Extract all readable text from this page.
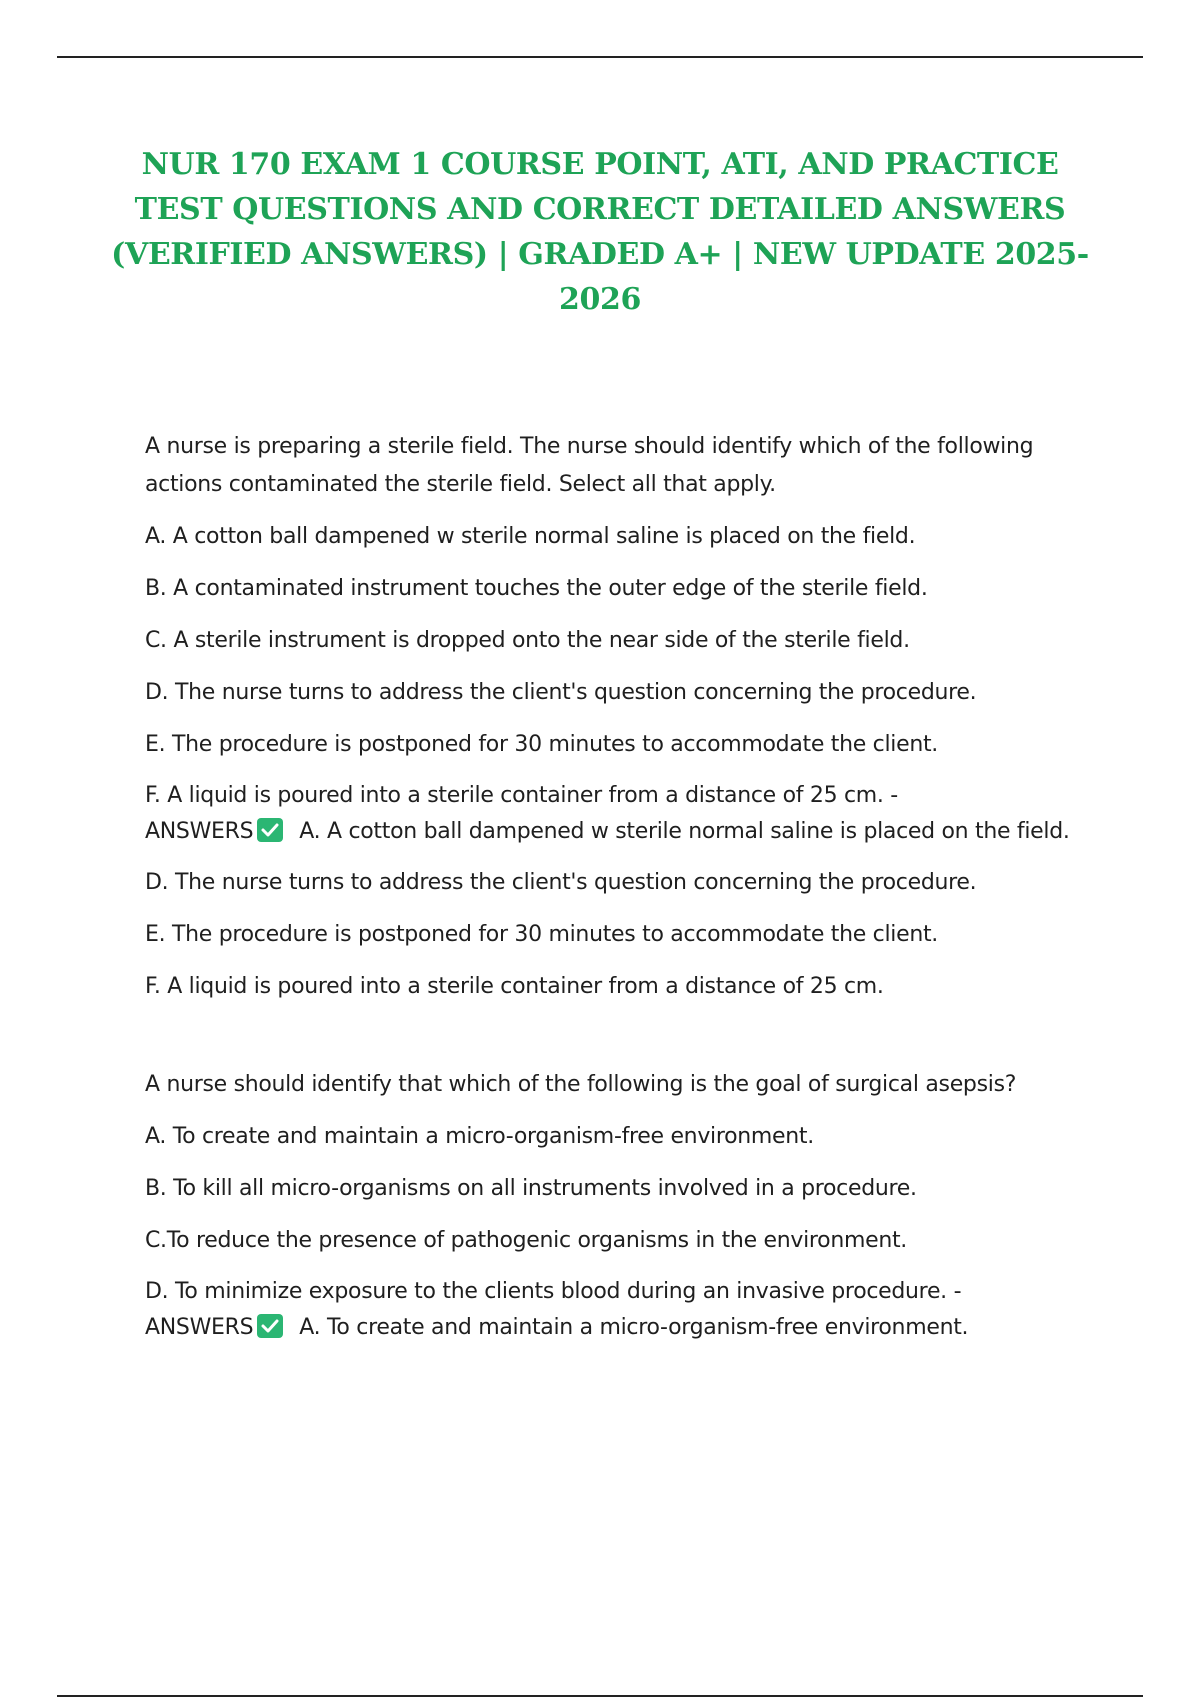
NUR 170 EXAM 1 COURSE POINT, ATI, AND PRACTICE TEST QUESTIONS AND CORRECT DETAILED ANSWERS (VERIFIED ANSWERS) | GRADED A+ | NEW UPDATE 2025-2026

A nurse is preparing a sterile field. The nurse should identify which of the following actions contaminated the sterile field. Select all that apply.

A. A cotton ball dampened w sterile normal saline is placed on the field.

B. A contaminated instrument touches the outer edge of the sterile field.

C. A sterile instrument is dropped onto the near side of the sterile field.

D. The nurse turns to address the client's question concerning the procedure.

E. The procedure is postponed for 30 minutes to accommodate the client.

F. A liquid is poured into a sterile container from a distance of 25 cm. -
ANSWERS A. A cotton ball dampened w sterile normal saline is placed on the field.

D. The nurse turns to address the client's question concerning the procedure.

E. The procedure is postponed for 30 minutes to accommodate the client.

F. A liquid is poured into a sterile container from a distance of 25 cm.

A nurse should identify that which of the following is the goal of surgical asepsis?

A. To create and maintain a micro-organism-free environment.

B. To kill all micro-organisms on all instruments involved in a procedure.

C.To reduce the presence of pathogenic organisms in the environment.

D. To minimize exposure to the clients blood during an invasive procedure. -
ANSWERS A. To create and maintain a micro-organism-free environment.
